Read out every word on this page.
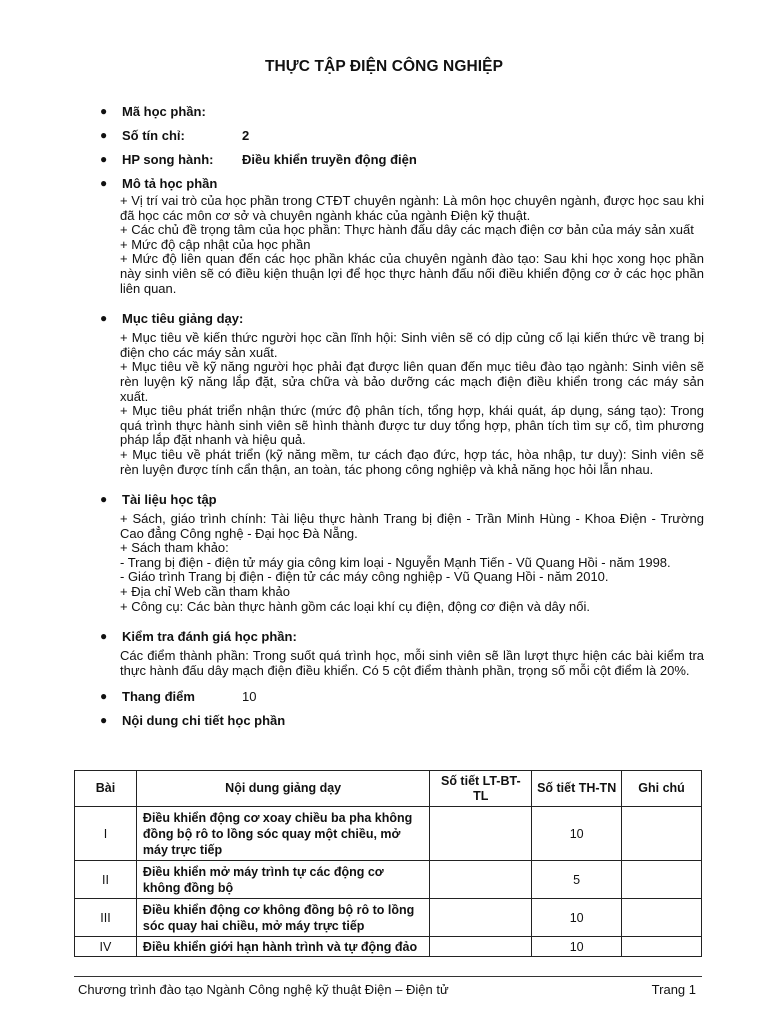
THỰC TẬP ĐIỆN CÔNG NGHIỆP
● Mã học phần:
● Số tín chỉ:	2
● HP song hành: Điều khiển truyền động điện
● Mô tả học phần

+ Vị trí vai trò của học phần trong CTĐT chuyên ngành: Là môn học chuyên ngành, được học sau khi đã học các môn cơ sở và chuyên ngành khác của ngành Điện kỹ thuật.

+ Các chủ đề trọng tâm của học phần: Thực hành đấu dây các mạch điện cơ bản của máy sản xuất

+ Mức độ cập nhật của học phần

+ Mức độ liên quan đến các học phần khác của chuyên ngành đào tạo: Sau khi học xong học phần này sinh viên sẽ có điều kiện thuận lợi để học thực hành đấu nối điều khiển động cơ ở các học phần liên quan.

● Mục tiêu giảng dạy:

+ Mục tiêu về kiến thức người học cần lĩnh hội: Sinh viên sẽ có dịp củng cố lại kiến thức về trang bị điện cho các máy sản xuất.

+ Mục tiêu về kỹ năng người học phải đạt được liên quan đến mục tiêu đào tạo ngành: Sinh viên sẽ rèn luyện kỹ năng lắp đặt, sửa chữa và bảo dưỡng các mạch điện điều khiển trong các máy sản xuất.

+ Mục tiêu phát triển nhận thức (mức độ phân tích, tổng hợp, khái quát, áp dụng, sáng tạo): Trong quá trình thực hành sinh viên sẽ hình thành được tư duy tổng hợp, phân tích tìm sự cố, tìm phương pháp lắp đặt nhanh và hiệu quả.

+ Mục tiêu về phát triển (kỹ năng mềm, tư cách đạo đức, hợp tác, hòa nhập, tư duy): Sinh viên sẽ rèn luyện được tính cẩn thận, an toàn, tác phong công nghiệp và khả năng học hỏi lẫn nhau.

● Tài liệu học tập

+ Sách, giáo trình chính: Tài liệu thực hành Trang bị điện - Trần Minh Hùng - Khoa Điện - Trường Cao đẳng Công nghệ - Đại học Đà Nẵng.

+ Sách tham khảo:

- Trang bị điện - điện tử máy gia công kim loại - Nguyễn Mạnh Tiến - Vũ Quang Hồi - năm 1998.

- Giáo trình Trang bị điện - điện tử các máy công nghiệp - Vũ Quang Hồi - năm 2010.

+ Địa chỉ Web cần tham khảo

+ Công cụ: Các bàn thực hành gồm các loại khí cụ điện, động cơ điện và dây nối.

● Kiểm tra đánh giá học phần:

Các điểm thành phần: Trong suốt quá trình học, mỗi sinh viên sẽ lần lượt thực hiện các bài kiểm tra thực hành đấu dây mạch điện điều khiển. Có 5 cột điểm thành phần, trọng số mỗi cột điểm là 20%.

● Thang điểm	10
● Nội dung chi tiết học phần
Bài	Nội dung giảng dạy	Số tiết LT-BT-TL	Số tiết TH-TN	Ghi chú
I	Điều khiển động cơ xoay chiều ba pha không đồng bộ rô to lồng sóc quay một chiều, mở máy trực tiếp		10	
II	Điều khiển mở máy trình tự các động cơ không đồng bộ		5	
III	Điều khiển động cơ không đồng bộ rô to lồng sóc quay hai chiều, mở máy trực tiếp		10	
IV	Điều khiển giới hạn hành trình và tự động đảo		10	
Chương trình đào tạo Ngành Công nghệ kỹ thuật Điện – Điện tử	Trang 1
